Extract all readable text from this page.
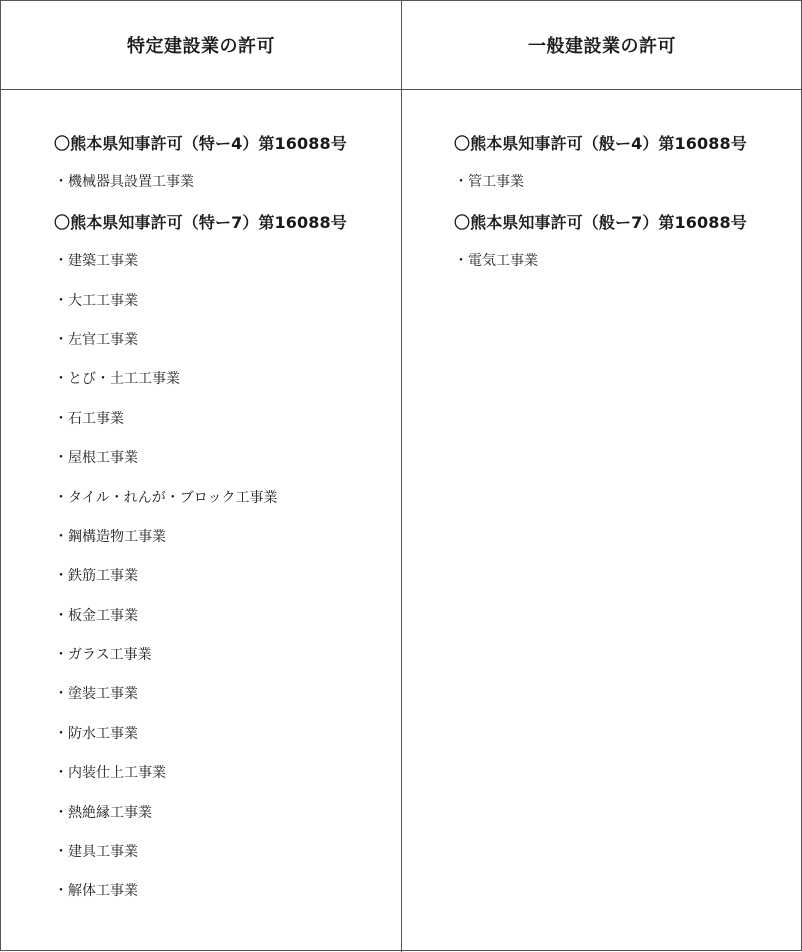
特定建設業の許可	一般建設業の許可
〇熊本県知事許可（特ー4）第16088号
・機械器具設置工事業
〇熊本県知事許可（特ー7）第16088号
・建築工事業
・大工工事業
・左官工事業
・とび・土工工事業
・石工事業
・屋根工事業
・タイル・れんが・ブロック工事業
・鋼構造物工事業
・鉄筋工事業
・板金工事業
・ガラス工事業
・塗装工事業
・防水工事業
・内装仕上工事業
・熱絶縁工事業
・建具工事業
・解体工事業
〇熊本県知事許可（般ー4）第16088号
・管工事業
〇熊本県知事許可（般ー7）第16088号
・電気工事業
